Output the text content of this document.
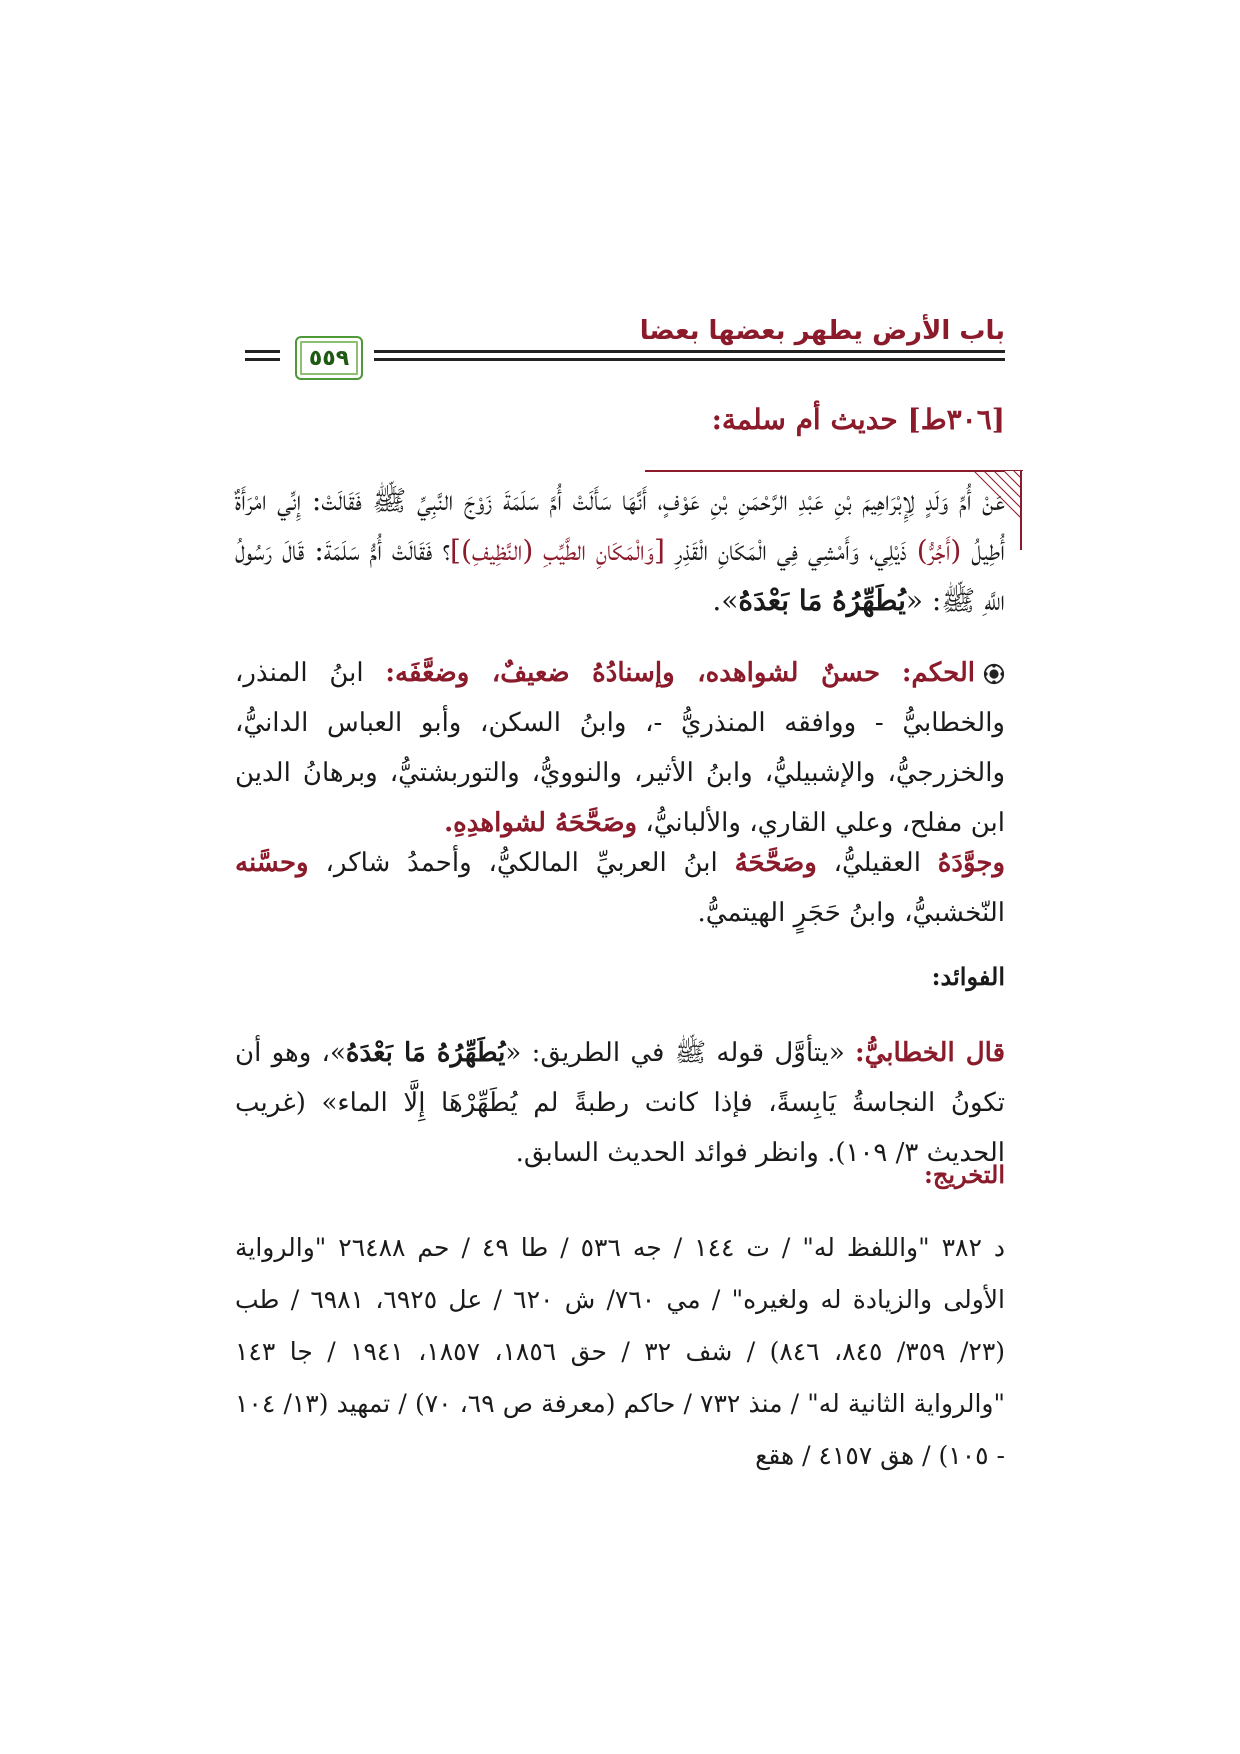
باب الأرض يطهر بعضها بعضا
٥٥٩
[٣٠٦ط] حديث أم سلمة:
عَنْ أُمِّ وَلَدٍ لِإِبْرَاهِيمَ بْنِ عَبْدِ الرَّحْمَنِ بْنِ عَوْفٍ، أَنَّهَا سَأَلَتْ أُمَّ سَلَمَةَ زَوْجَ النَّبِيِّ ﷺ فَقَالَتْ: إِنِّي امْرَأَةٌ أُطِيلُ (أَجُرُّ) ذَيْلِي، وَأَمْشِي فِي الْمَكَانِ الْقَذِرِ [وَالْمَكَانِ الطَّيِّبِ (النَّظِيفِ)]؟ فَقَالَتْ أُمُّ سَلَمَةَ: قَالَ رَسُولُ اللَّهِ ﷺ: «يُطَهِّرُهُ مَا بَعْدَهُ».
الحكم: حسنٌ لشواهده، وإسنادُهُ ضعيفٌ، وضعَّفَه: ابنُ المنذر، والخطابيُّ - ووافقه المنذريُّ -، وابنُ السكن، وأبو العباس الدانيُّ، والخزرجيُّ، والإشبيليُّ، وابنُ الأثير، والنوويُّ، والتوربشتيُّ، وبرهانُ الدين ابن مفلح، وعلي القاري، والألبانيُّ، وصَحَّحَهُ لشواهدِهِ.
وجوَّدَهُ العقيليُّ، وصَحَّحَهُ ابنُ العربيِّ المالكيُّ، وأحمدُ شاكر، وحسَّنه النّخشبيُّ، وابنُ حَجَرٍ الهيتميُّ.
الفوائد:
قال الخطابيُّ: «يتأوَّل قوله ﷺ في الطريق: «يُطَهِّرُهُ مَا بَعْدَهُ»، وهو أن تكونُ النجاسةُ يَابِسةً، فإذا كانت رطبةً لم يُطَهِّرْهَا إِلَّا الماء» (غريب الحديث ٣/ ١٠٩). وانظر فوائد الحديث السابق.
التخريج:
د ٣٨٢ "واللفظ له" / ت ١٤٤ / جه ٥٣٦ / طا ٤٩ / حم ٢٦٤٨٨ "والرواية الأولى والزيادة له ولغيره" / مي ٧٦٠/ ش ٦٢٠ / عل ٦٩٢٥، ٦٩٨١ / طب (٢٣/ ٣٥٩/ ٨٤٥، ٨٤٦) / شف ٣٢ / حق ١٨٥٦، ١٨٥٧، ١٩٤١ / جا ١٤٣ "والرواية الثانية له" / منذ ٧٣٢ / حاكم (معرفة ص ٦٩، ٧٠) / تمهيد (١٣/ ١٠٤ - ١٠٥) / هق ٤١٥٧ / هقع
